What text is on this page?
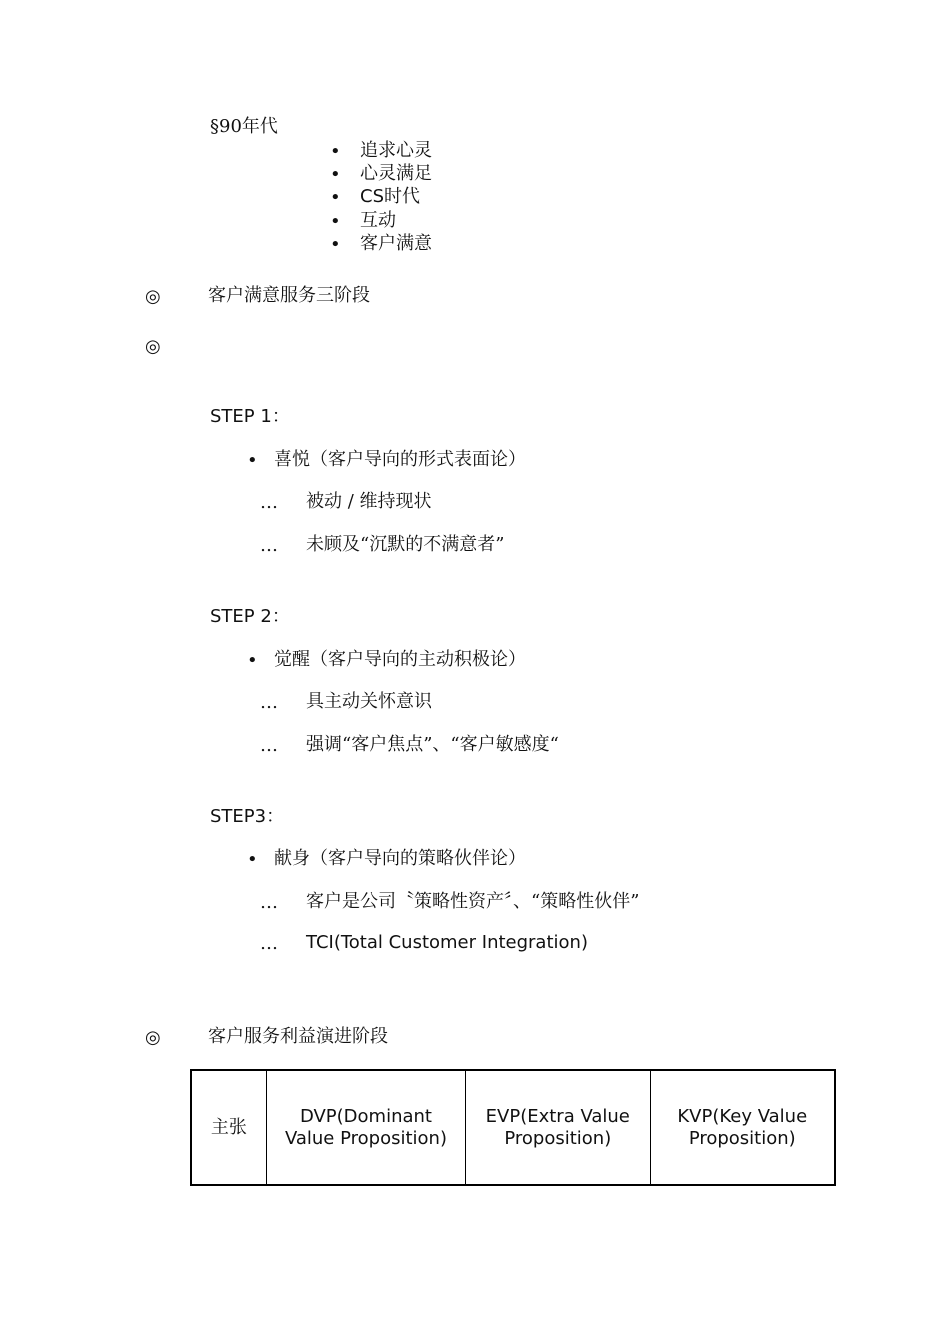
§90年代
• 追求心灵
• 心灵满足
• CS时代
• 互动
• 客户满意
◎	客户满意服务三阶段
◎
STEP 1：
• 喜悦（客户导向的形式表面论）
… 被动 / 维持现状
… 未顾及“沉默的不满意者”
STEP 2：
• 觉醒（客户导向的主动积极论）
… 具主动关怀意识
… 强调“客户焦点”、“客户敏感度“
STEP3：
• 献身（客户导向的策略伙伴论）
… 客户是公司〝策略性资产〞、“策略性伙伴”
… TCI(Total Customer Integration)
◎	客户服务利益演进阶段
主张	DVP(Dominant Value Proposition)	EVP(Extra Value Proposition)	KVP(Key Value Proposition)
